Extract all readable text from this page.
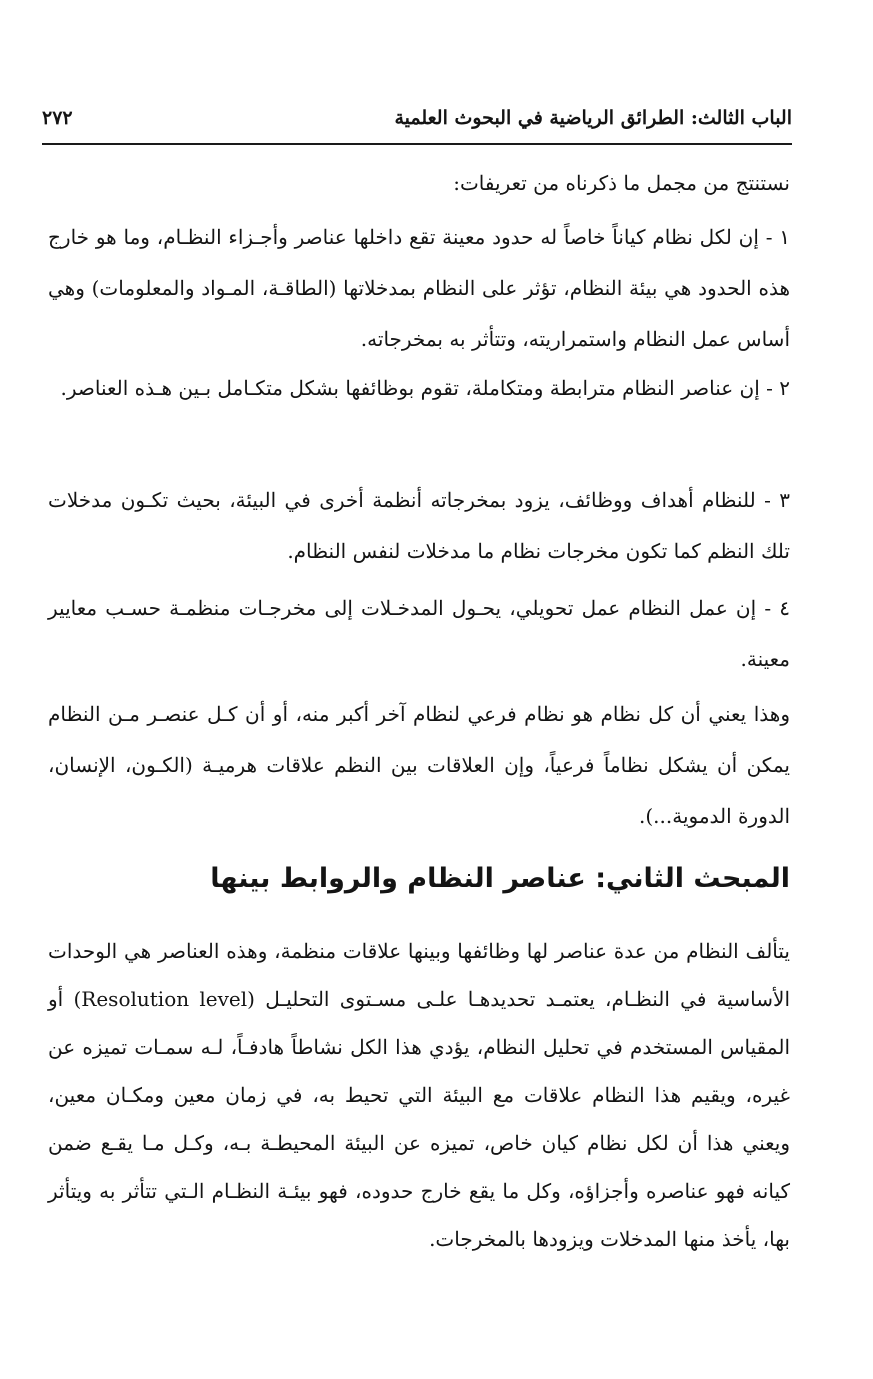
الباب الثالث: الطرائق الرياضية في البحوث العلمية
٢٧٢

نستنتج من مجمل ما ذكرناه من تعريفات:

١ - إن لكل نظام كياناً خاصاً له حدود معينة تقع داخلها عناصر وأجـزاء النظـام، وما هو خارج هذه الحدود هي بيئة النظام، تؤثر على النظام بمدخلاتها (الطاقـة، المـواد والمعلومات) وهي أساس عمل النظام واستمراريته، وتتأثر به بمخرجاته.

٢ - إن عناصر النظام مترابطة ومتكاملة، تقوم بوظائفها بشكل متكـامل بـين هـذه العناصر.

٣ - للنظام أهداف ووظائف، يزود بمخرجاته أنظمة أخرى في البيئة، بحيث تكـون مدخلات تلك النظم كما تكون مخرجات نظام ما مدخلات لنفس النظام.

٤ - إن عمل النظام عمل تحويلي، يحـول المدخـلات إلى مخرجـات منظمـة حسـب معايير معينة.

وهذا يعني أن كل نظام هو نظام فرعي لنظام آخر أكبر منه، أو أن كـل عنصـر مـن النظام يمكن أن يشكل نظاماً فرعياً، وإن العلاقات بين النظم علاقات هرميـة (الكـون، الإنسان، الدورة الدموية...).

المبحث الثاني: عناصر النظام والروابط بينها

يتألف النظام من عدة عناصر لها وظائفها وبينها علاقات منظمة، وهذه العناصر هي الوحدات الأساسية في النظـام، يعتمـد تحديدهـا علـى مسـتوى التحليـل (Resolution level) أو المقياس المستخدم في تحليل النظام، يؤدي هذا الكل نشاطاً هادفـاً، لـه سمـات تميزه عن غيره، ويقيم هذا النظام علاقات مع البيئة التي تحيط به، في زمان معين ومكـان معين، ويعني هذا أن لكل نظام كيان خاص، تميزه عن البيئة المحيطـة بـه، وكـل مـا يقـع ضمن كيانه فهو عناصره وأجزاؤه، وكل ما يقع خارج حدوده، فهو بيئـة النظـام الـتي تتأثر به ويتأثر بها، يأخذ منها المدخلات ويزودها بالمخرجات.
